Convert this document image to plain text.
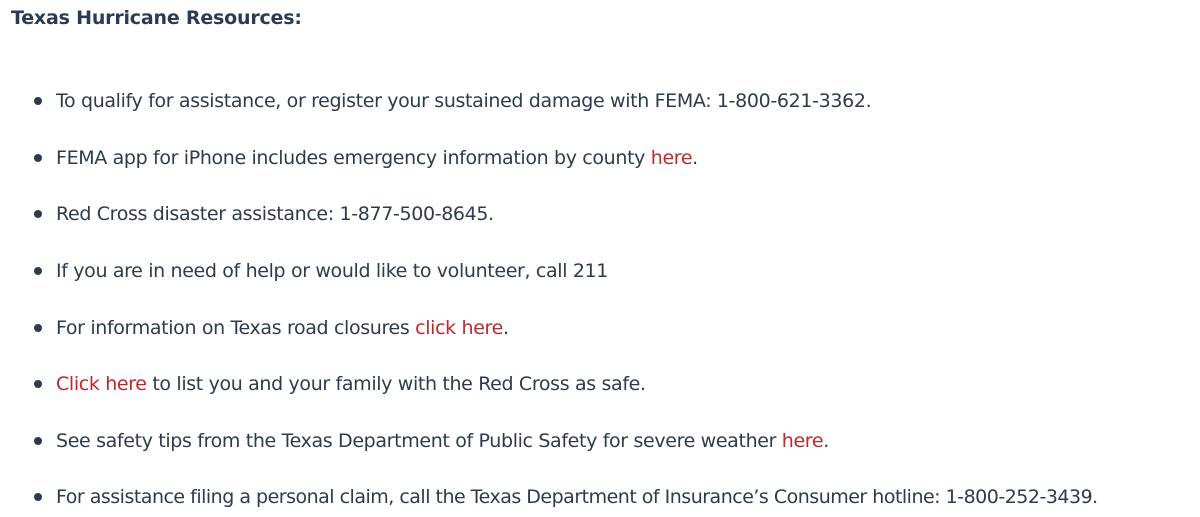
Texas Hurricane Resources:
To qualify for assistance, or register your sustained damage with FEMA: 1-800-621-3362.
FEMA app for iPhone includes emergency information by county here.
Red Cross disaster assistance: 1-877-500-8645.
If you are in need of help or would like to volunteer, call 211
For information on Texas road closures click here.
Click here to list you and your family with the Red Cross as safe.
See safety tips from the Texas Department of Public Safety for severe weather here.
For assistance filing a personal claim, call the Texas Department of Insurance’s Consumer hotline: 1-800-252-3439.
